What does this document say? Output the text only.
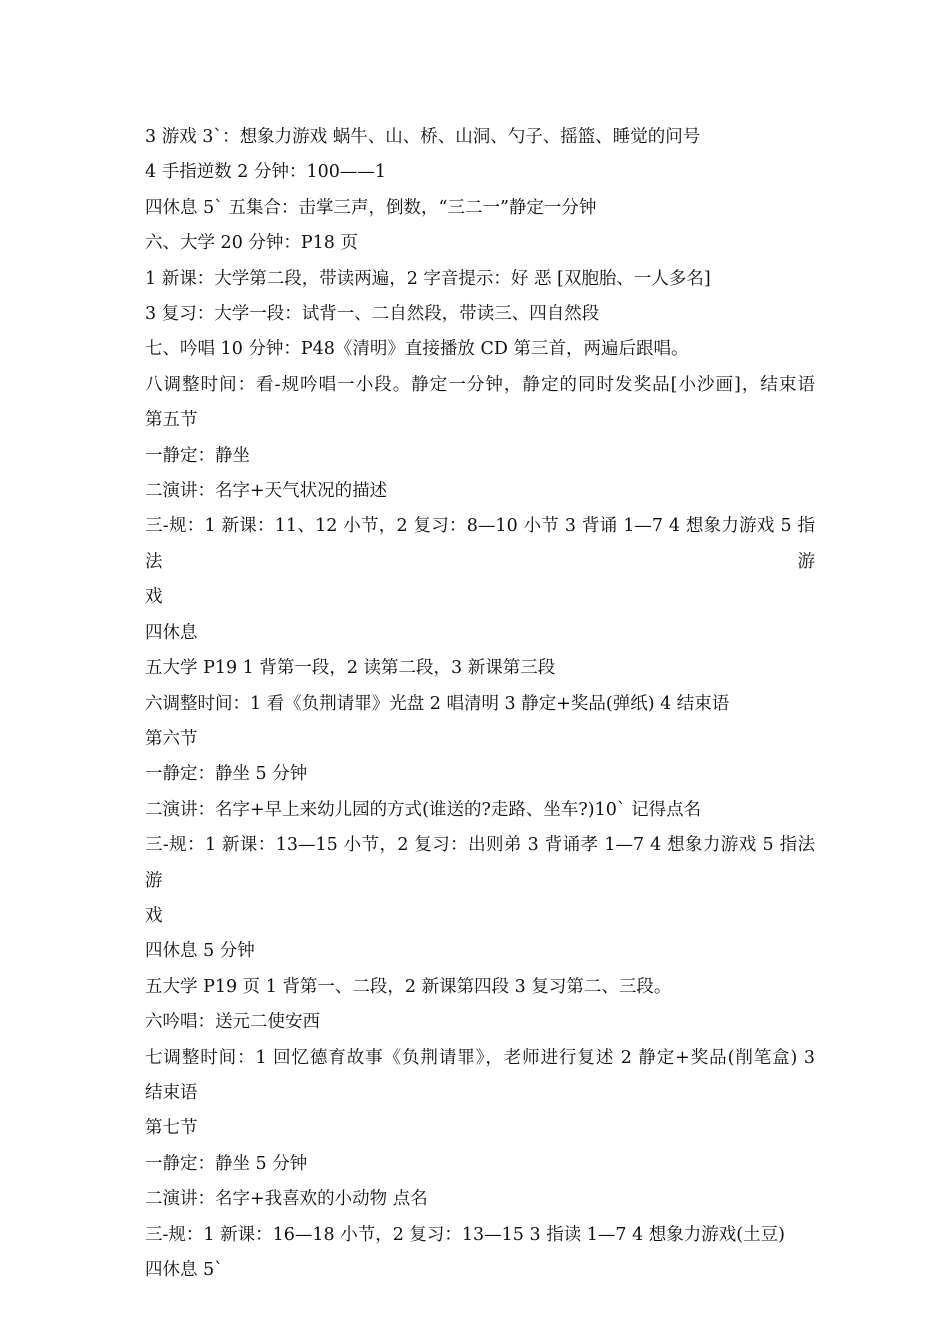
3 游戏 3`：想象力游戏 蜗牛、山、桥、山洞、勺子、摇篮、睡觉的问号

4 手指逆数 2 分钟：100——1

四休息 5` 五集合：击掌三声，倒数，“三二一”静定一分钟

六、大学 20 分钟：P18 页

1 新课：大学第二段，带读两遍，2 字音提示：好 恶 [双胞胎、一人多名]

3 复习：大学一段：试背一、二自然段，带读三、四自然段

七、吟唱 10 分钟：P48《清明》直接播放 CD 第三首，两遍后跟唱。

八调整时间：看-规吟唱一小段。静定一分钟，静定的同时发奖品[小沙画]，结束语

第五节

一静定：静坐

二演讲：名字+天气状况的描述

三-规：1 新课：11、12 小节，2 复习：8—10 小节 3 背诵 1—7 4 想象力游戏 5 指法游

戏

四休息

五大学 P19 1 背第一段，2 读第二段，3 新课第三段

六调整时间：1 看《负荆请罪》光盘 2 唱清明 3 静定+奖品(弹纸) 4 结束语

第六节

一静定：静坐 5 分钟

二演讲：名字+早上来幼儿园的方式(谁送的?走路、坐车?)10` 记得点名

三-规：1 新课：13—15 小节，2 复习：出则弟 3 背诵孝 1—7 4 想象力游戏 5 指法游

戏

四休息 5 分钟

五大学 P19 页 1 背第一、二段，2 新课第四段 3 复习第二、三段。

六吟唱：送元二使安西

七调整时间：1 回忆德育故事《负荆请罪》，老师进行复述 2 静定+奖品(削笔盒) 3

结束语

第七节

一静定：静坐 5 分钟

二演讲：名字+我喜欢的小动物 点名

三-规：1 新课：16—18 小节，2 复习：13—15 3 指读 1—7 4 想象力游戏(土豆)

四休息 5`
